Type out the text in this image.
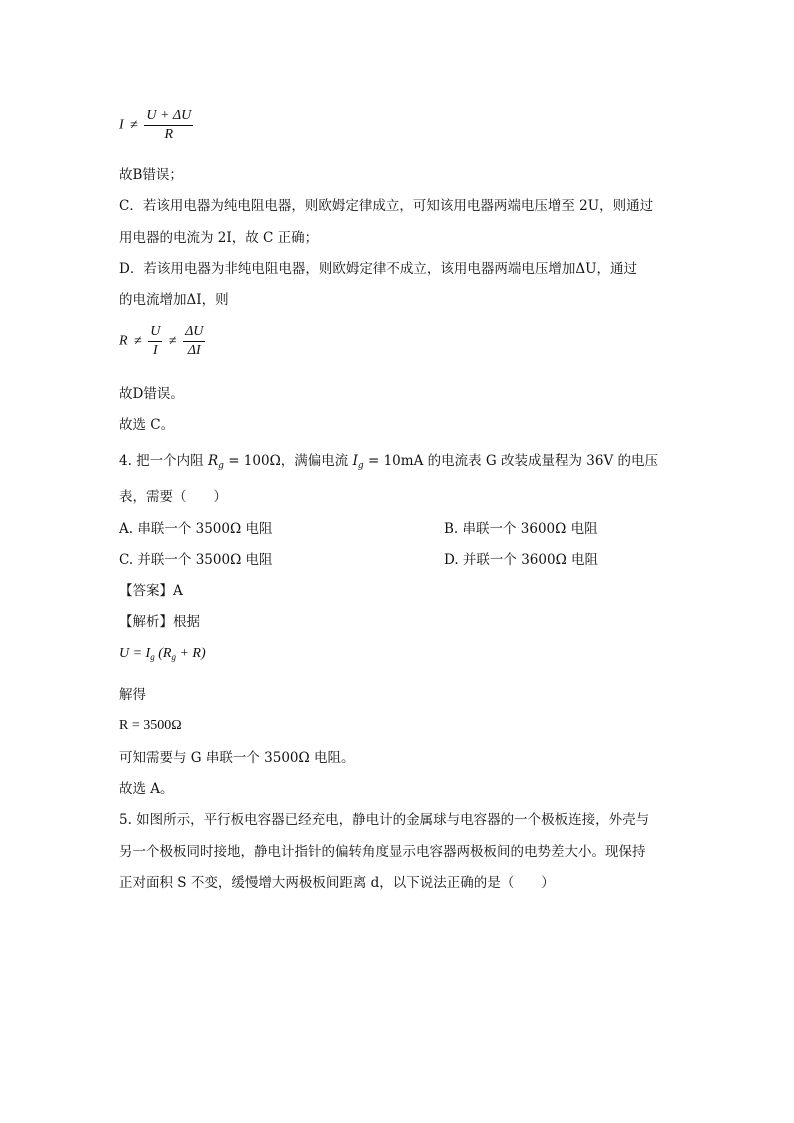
$I \ne \frac{U + \Delta U}{R}$
故B错误；
C．若该用电器为纯电阻电器，则欧姆定律成立，可知该用电器两端电压增至 2U，则通过
用电器的电流为 2I，故 C 正确；
D．若该用电器为非纯电阻电器，则欧姆定律不成立，该用电器两端电压增加ΔU，通过
的电流增加ΔI，则
$R \ne \frac{U}{I} \ne \frac{\Delta U}{\Delta I}$
故D错误。
故选 C。
4. 把一个内阻 $R_g = 100\Omega$，满偏电流 $I_g = 10mA$ 的电流表 G 改装成量程为 36V 的电压
表，需要（　　）
A. 串联一个 3500Ω 电阻	B. 串联一个 3600Ω 电阻
C. 并联一个 3500Ω 电阻	D. 并联一个 3600Ω 电阻
【答案】A
【解析】根据
$U = I_g$ $(R_g + R)$
解得
R = 3500Ω
可知需要与 G 串联一个 3500Ω 电阻。
故选 A。
5. 如图所示，平行板电容器已经充电，静电计的金属球与电容器的一个极板连接，外壳与
另一个极板同时接地，静电计指针的偏转角度显示电容器两极板间的电势差大小。现保持
正对面积 S 不变，缓慢增大两极板间距离 d，以下说法正确的是（　　）
